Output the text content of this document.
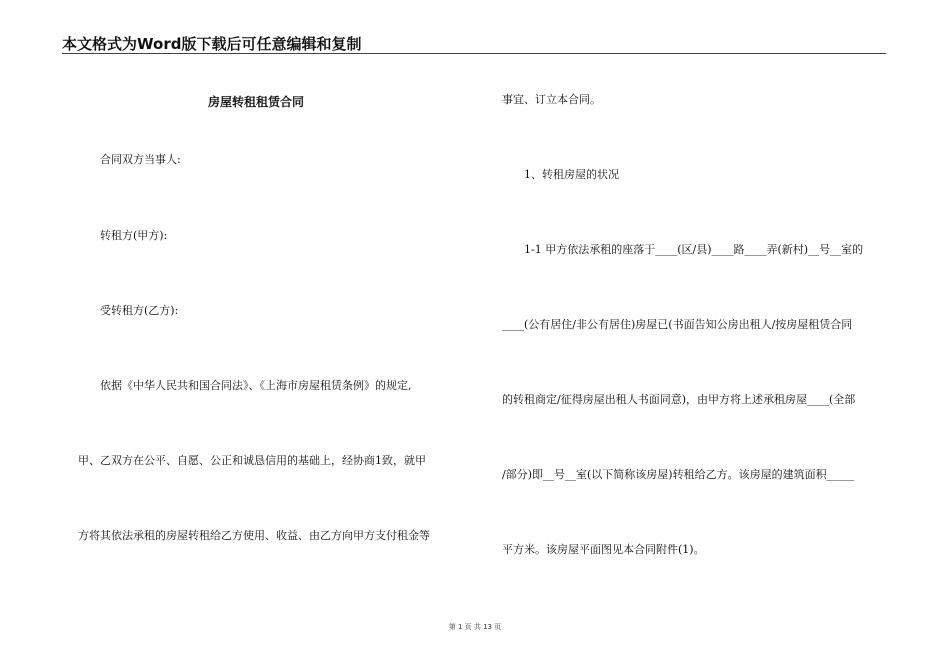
本文格式为Word版下载后可任意编辑和复制
房屋转租租赁合同
合同双方当事人:
转租方(甲方):
受转租方(乙方):
依据《中华人民共和国合同法》、《上海市房屋租赁条例》的规定,
甲、乙双方在公平、自愿、公正和诚恳信用的基础上，经协商1致，就甲
方将其依法承租的房屋转租给乙方使用、收益、由乙方向甲方支付租金等
事宜、订立本合同。
1、转租房屋的状况
1-1 甲方依法承租的座落于____(区/县)____路____弄(新村)__号__室的
____(公有居住/非公有居住)房屋已(书面告知公房出租人/按房屋租赁合同
的转租商定/征得房屋出租人书面同意)，由甲方将上述承租房屋____(全部
/部分)即__号__室(以下简称该房屋)转租给乙方。该房屋的建筑面积_____
平方米。该房屋平面图见本合同附件(1)。
第 1 页 共 13 页
